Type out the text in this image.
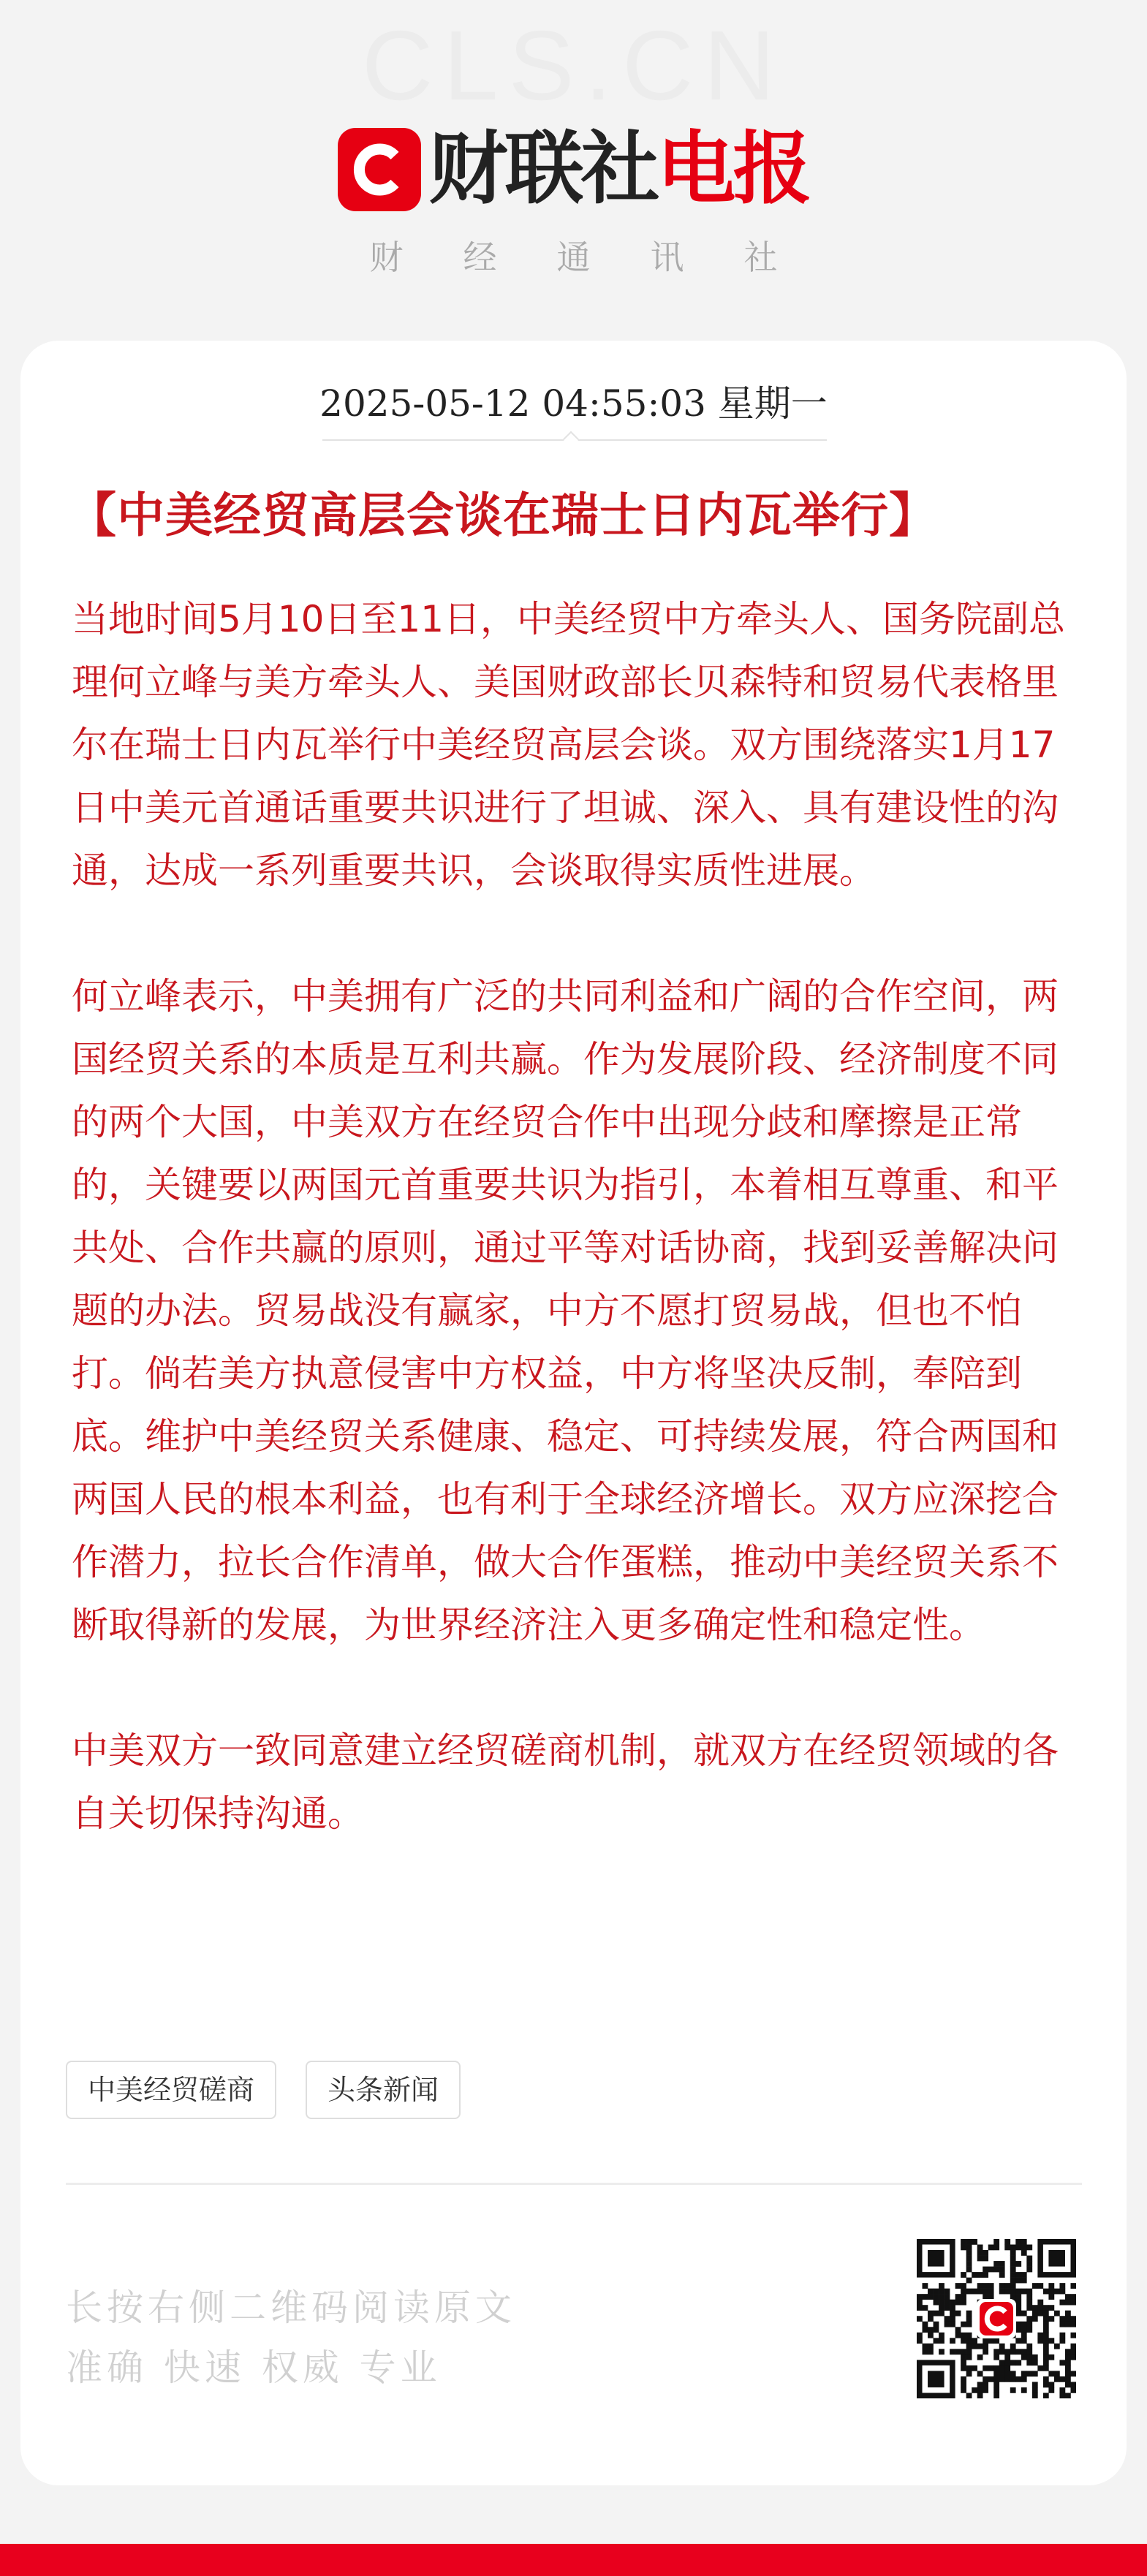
CLS.CN
财联社电报
财经通讯社
2025-05-12 04:55:03 星期一
【中美经贸高层会谈在瑞士日内瓦举行】

当地时间5月10日至11日，中美经贸中方牵头人、国务院副总理何立峰与美方牵头人、美国财政部长贝森特和贸易代表格里尔在瑞士日内瓦举行中美经贸高层会谈。双方围绕落实1月17日中美元首通话重要共识进行了坦诚、深入、具有建设性的沟通，达成一系列重要共识，会谈取得实质性进展。

何立峰表示，中美拥有广泛的共同利益和广阔的合作空间，两国经贸关系的本质是互利共赢。作为发展阶段、经济制度不同的两个大国，中美双方在经贸合作中出现分歧和摩擦是正常的，关键要以两国元首重要共识为指引，本着相互尊重、和平共处、合作共赢的原则，通过平等对话协商，找到妥善解决问题的办法。贸易战没有赢家，中方不愿打贸易战，但也不怕打。倘若美方执意侵害中方权益，中方将坚决反制，奉陪到底。维护中美经贸关系健康、稳定、可持续发展，符合两国和两国人民的根本利益，也有利于全球经济增长。双方应深挖合作潜力，拉长合作清单，做大合作蛋糕，推动中美经贸关系不断取得新的发展，为世界经济注入更多确定性和稳定性。

中美双方一致同意建立经贸磋商机制，就双方在经贸领域的各自关切保持沟通。

中美经贸磋商	头条新闻
长按右侧二维码阅读原文
准确 快速 权威 专业
